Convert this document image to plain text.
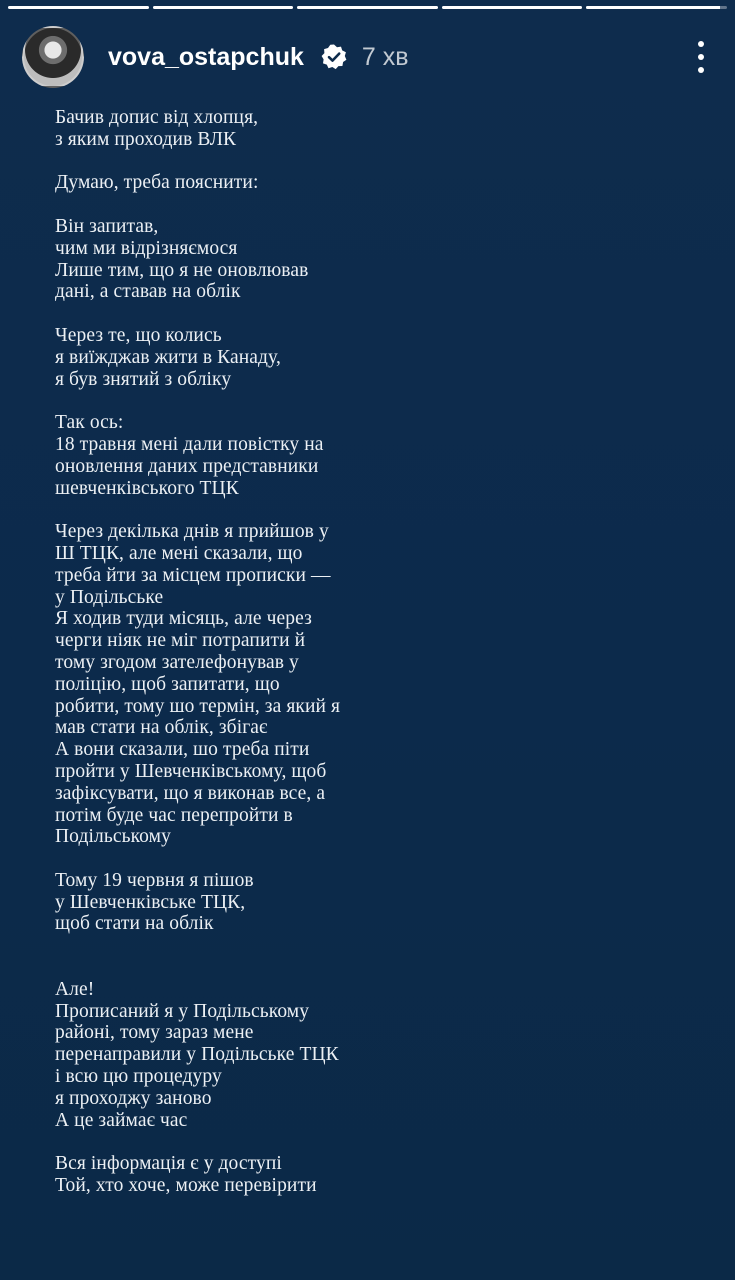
vova_ostapchuk 7 хв
Бачив допис від хлопця,
з яким проходив ВЛК
Думаю, треба пояснити:
Він запитав,
чим ми відрізняємося
Лише тим, що я не оновлював
дані, а ставав на облік
Через те, що колись
я виїжджав жити в Канаду,
я був знятий з обліку
Так ось:
18 травня мені дали повістку на
оновлення даних представники
шевченківського ТЦК
Через декілька днів я прийшов у
Ш ТЦК, але мені сказали, що
треба йти за місцем прописки —
у Подільське
Я ходив туди місяць, але через
черги ніяк не міг потрапити й
тому згодом зателефонував у
поліцію, щоб запитати, що
робити, тому шо термін, за який я
мав стати на облік, збігає
А вони сказали, шо треба піти
пройти у Шевченківському, щоб
зафіксувати, що я виконав все, а
потім буде час перепройти в
Подільському
Тому 19 червня я пішов
у Шевченківське ТЦК,
щоб стати на облік
Але!
Прописаний я у Подільському
районі, тому зараз мене
перенаправили у Подільське ТЦК
і всю цю процедуру
я проходжу заново
А це займає час
Вся інформація є у доступі
Той, хто хоче, може перевірити
